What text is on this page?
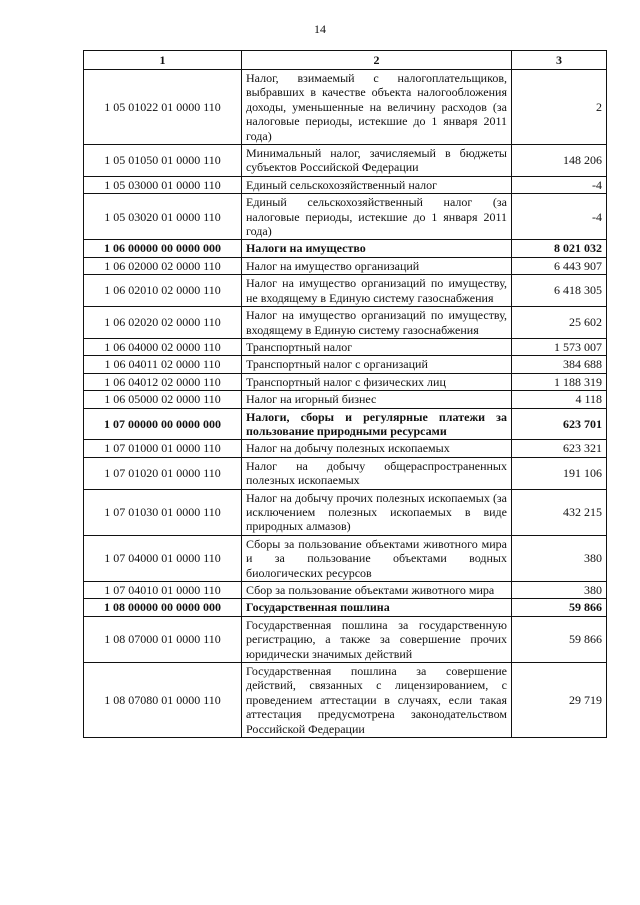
14
1	2	3
1 05 01022 01 0000 110	Налог, взимаемый с налогоплательщиков, выбравших в качестве объекта налогообложения доходы, уменьшенные на величину расходов (за налоговые периоды, истекшие до 1 января 2011 года)	2
1 05 01050 01 0000 110	Минимальный налог, зачисляемый в бюджеты субъектов Российской Федерации	148 206
1 05 03000 01 0000 110	Единый сельскохозяйственный налог	-4
1 05 03020 01 0000 110	Единый сельскохозяйственный налог (за налоговые периоды, истекшие до 1 января 2011 года)	-4
1 06 00000 00 0000 000	Налоги на имущество	8 021 032
1 06 02000 02 0000 110	Налог на имущество организаций	6 443 907
1 06 02010 02 0000 110	Налог на имущество организаций по имуществу, не входящему в Единую систему газоснабжения	6 418 305
1 06 02020 02 0000 110	Налог на имущество организаций по имуществу, входящему в Единую систему газоснабжения	25 602
1 06 04000 02 0000 110	Транспортный налог	1 573 007
1 06 04011 02 0000 110	Транспортный налог с организаций	384 688
1 06 04012 02 0000 110	Транспортный налог с физических лиц	1 188 319
1 06 05000 02 0000 110	Налог на игорный бизнес	4 118
1 07 00000 00 0000 000	Налоги, сборы и регулярные платежи за пользование природными ресурсами	623 701
1 07 01000 01 0000 110	Налог на добычу полезных ископаемых	623 321
1 07 01020 01 0000 110	Налог на добычу общераспространенных полезных ископаемых	191 106
1 07 01030 01 0000 110	Налог на добычу прочих полезных ископаемых (за исключением полезных ископаемых в виде природных алмазов)	432 215
1 07 04000 01 0000 110	Сборы за пользование объектами животного мира и за пользование объектами водных биологических ресурсов	380
1 07 04010 01 0000 110	Сбор за пользование объектами животного мира	380
1 08 00000 00 0000 000	Государственная пошлина	59 866
1 08 07000 01 0000 110	Государственная пошлина за государственную регистрацию, а также за совершение прочих юридически значимых действий	59 866
1 08 07080 01 0000 110	Государственная пошлина за совершение действий, связанных с лицензированием, с проведением аттестации в случаях, если такая аттестация предусмотрена законодательством Российской Федерации	29 719
